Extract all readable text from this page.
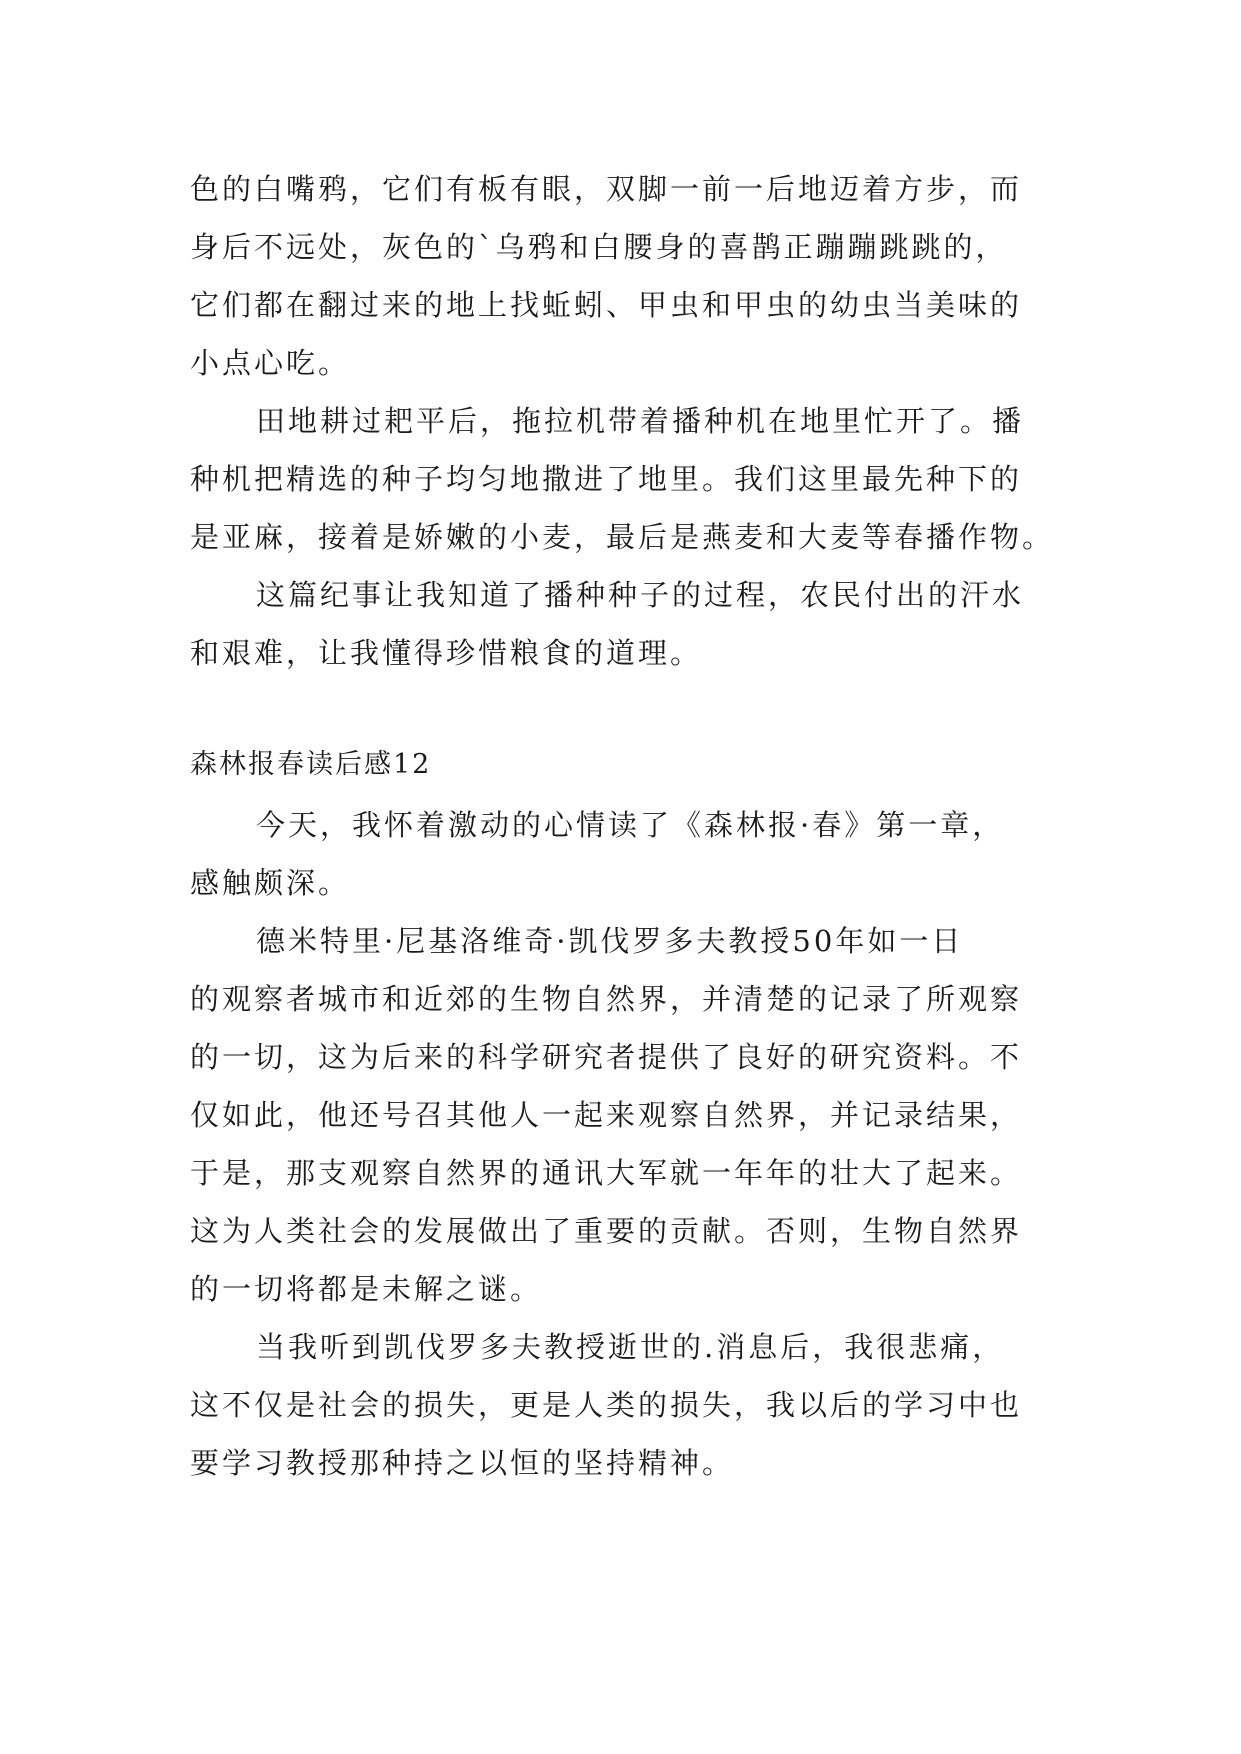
色的白嘴鸦，它们有板有眼，双脚一前一后地迈着方步，而
身后不远处，灰色的`乌鸦和白腰身的喜鹊正蹦蹦跳跳的，
它们都在翻过来的地上找蚯蚓、甲虫和甲虫的幼虫当美味的
小点心吃。
田地耕过耙平后，拖拉机带着播种机在地里忙开了。播
种机把精选的种子均匀地撒进了地里。我们这里最先种下的
是亚麻，接着是娇嫩的小麦，最后是燕麦和大麦等春播作物。
这篇纪事让我知道了播种种子的过程，农民付出的汗水
和艰难，让我懂得珍惜粮食的道理。
森林报春读后感12
今天，我怀着激动的心情读了《森林报·春》第一章，
感触颇深。
德米特里·尼基洛维奇·凯伐罗多夫教授50年如一日
的观察者城市和近郊的生物自然界，并清楚的记录了所观察
的一切，这为后来的科学研究者提供了良好的研究资料。不
仅如此，他还号召其他人一起来观察自然界，并记录结果，
于是，那支观察自然界的通讯大军就一年年的壮大了起来。
这为人类社会的发展做出了重要的贡献。否则，生物自然界
的一切将都是未解之谜。
当我听到凯伐罗多夫教授逝世的.消息后，我很悲痛，
这不仅是社会的损失，更是人类的损失，我以后的学习中也
要学习教授那种持之以恒的坚持精神。
